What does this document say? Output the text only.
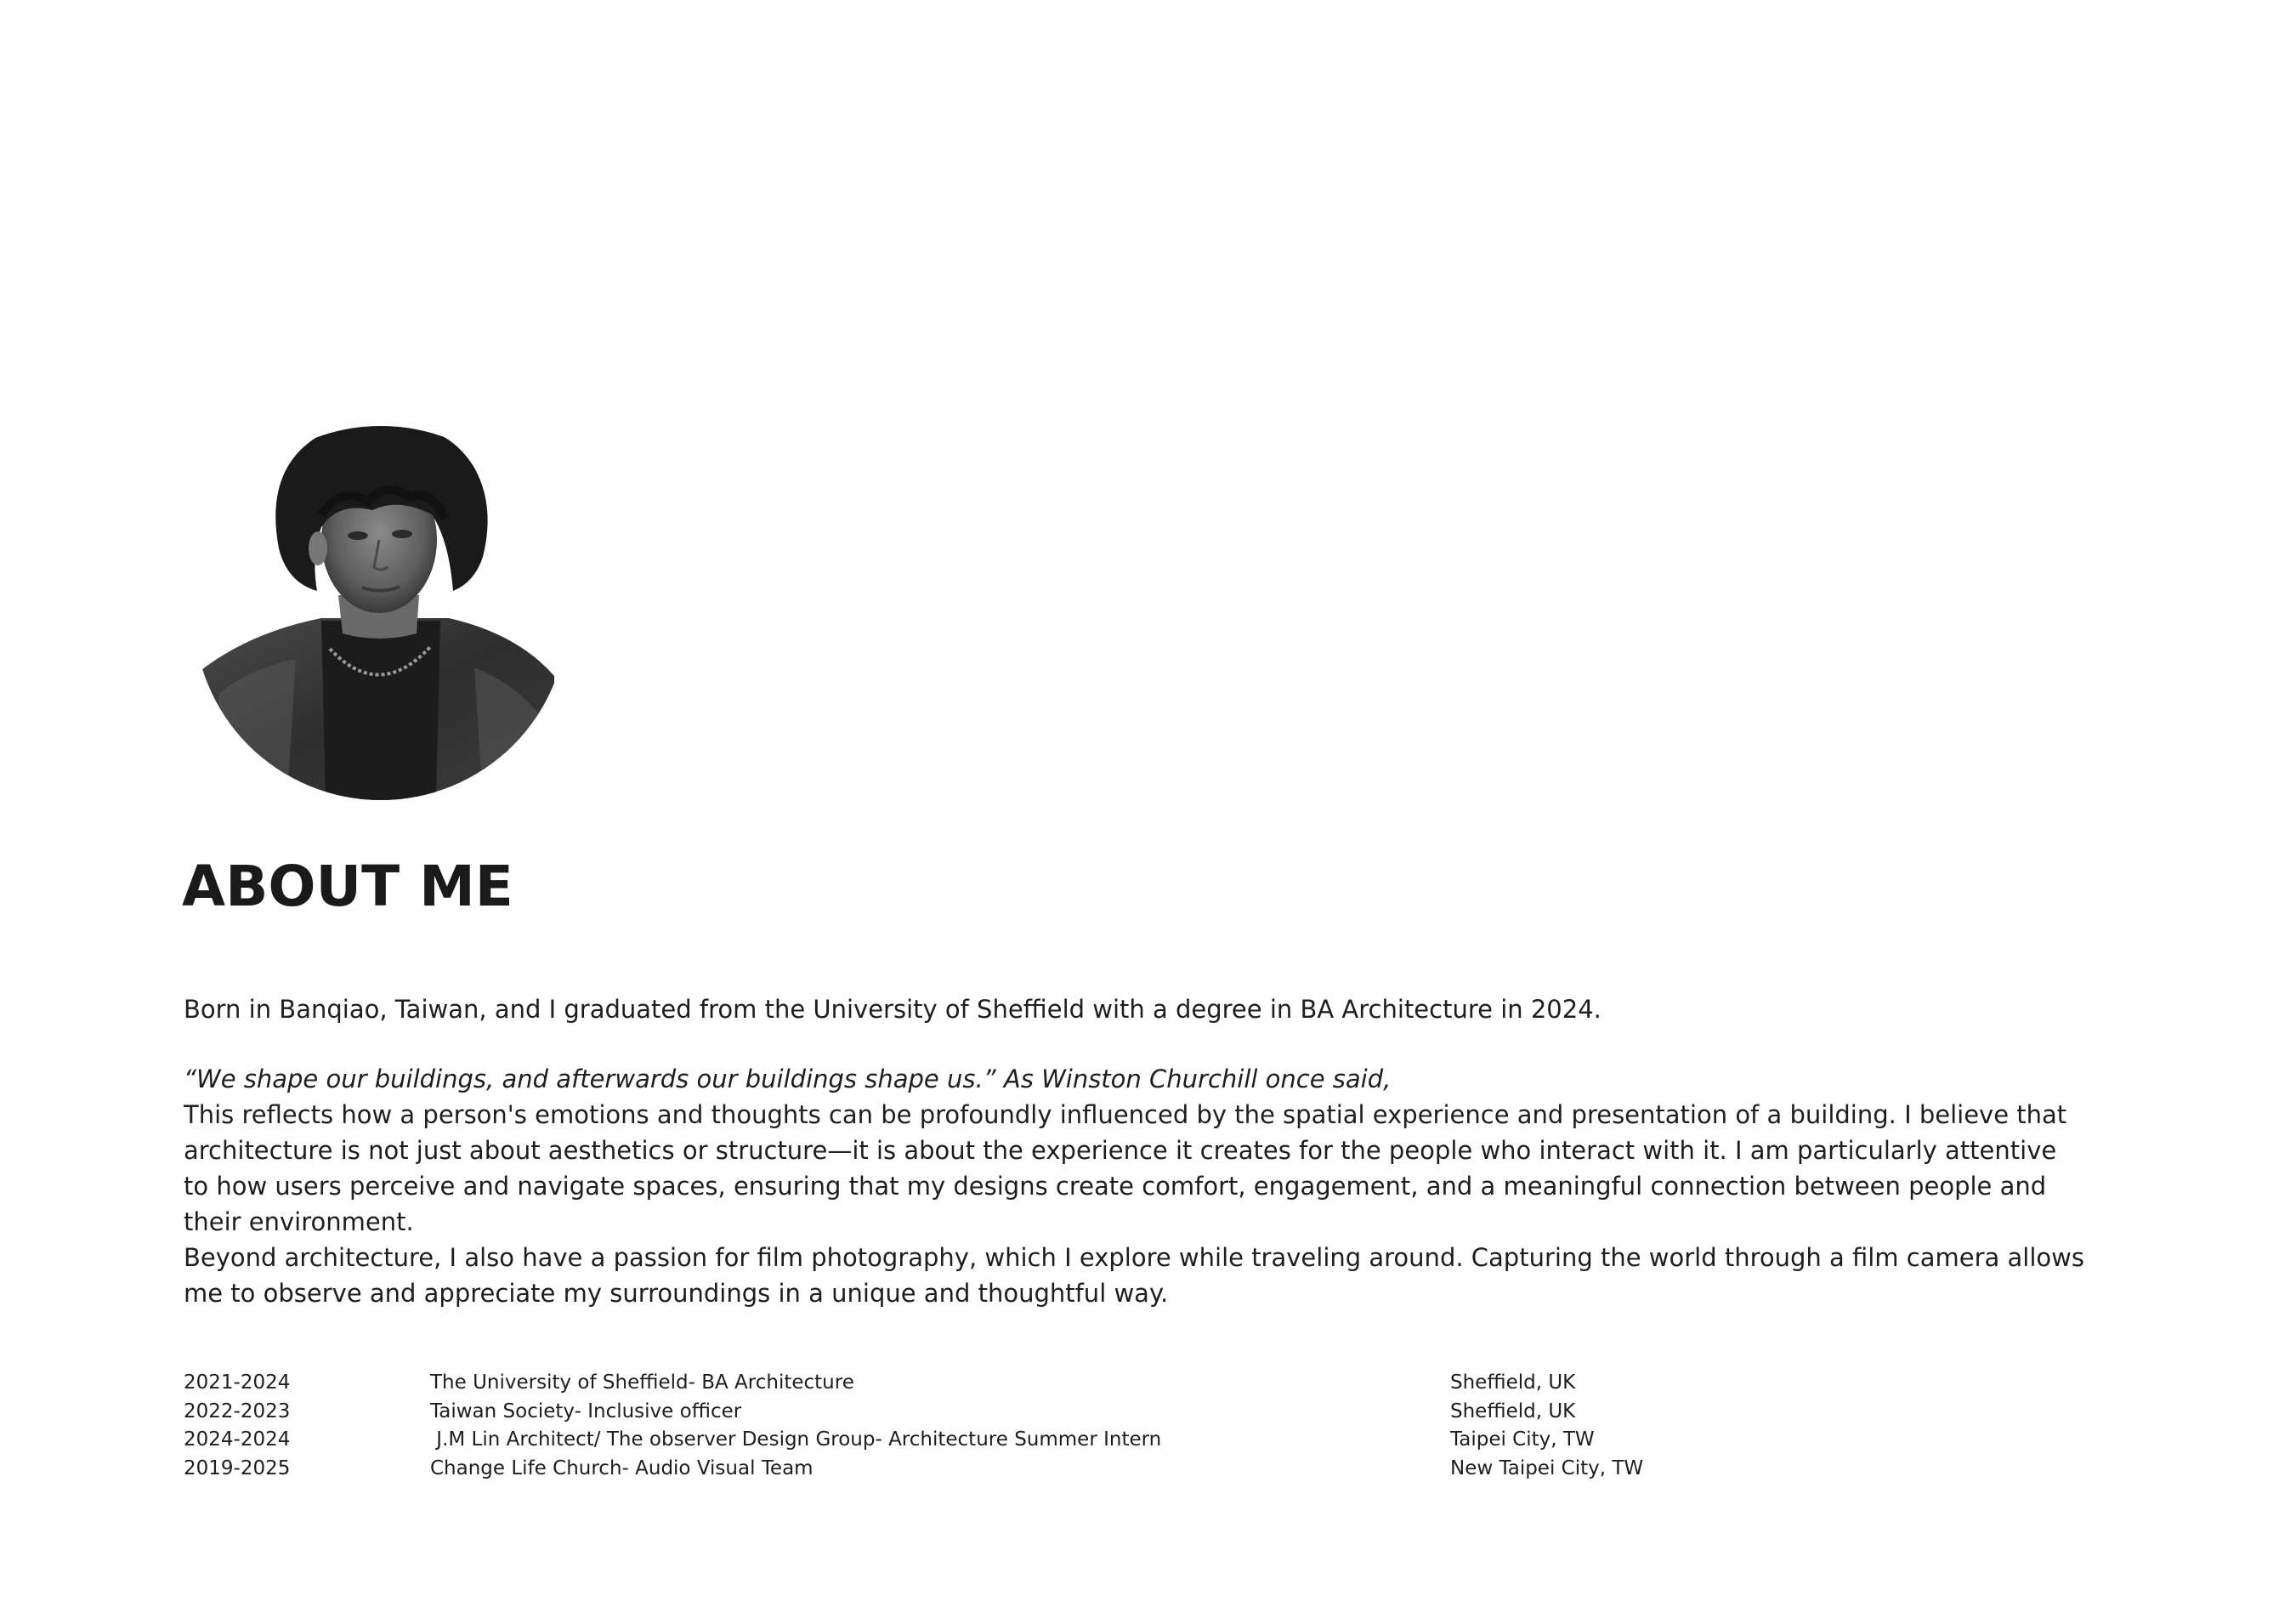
ABOUT ME
Born in Banqiao, Taiwan, and I graduated from the University of Sheffield with a degree in BA Architecture in 2024.
“We shape our buildings, and afterwards our buildings shape us.” As Winston Churchill once said,
This reflects how a person's emotions and thoughts can be profoundly influenced by the spatial experience and presentation of a building. I believe that architecture is not just about aesthetics or structure—it is about the experience it creates for the people who interact with it. I am particularly attentive to how users perceive and navigate spaces, ensuring that my designs create comfort, engagement, and a meaningful connection between people and their environment.
Beyond architecture, I also have a passion for film photography, which I explore while traveling around. Capturing the world through a film camera allows me to observe and appreciate my surroundings in a unique and thoughtful way.
2021-2024	The University of Sheffield- BA Architecture	Sheffield, UK
2022-2023	Taiwan Society- Inclusive officer	Sheffield, UK
2024-2024	J.M Lin Architect/ The observer Design Group- Architecture Summer Intern	Taipei City, TW
2019-2025	Change Life Church- Audio Visual Team	New Taipei City, TW
